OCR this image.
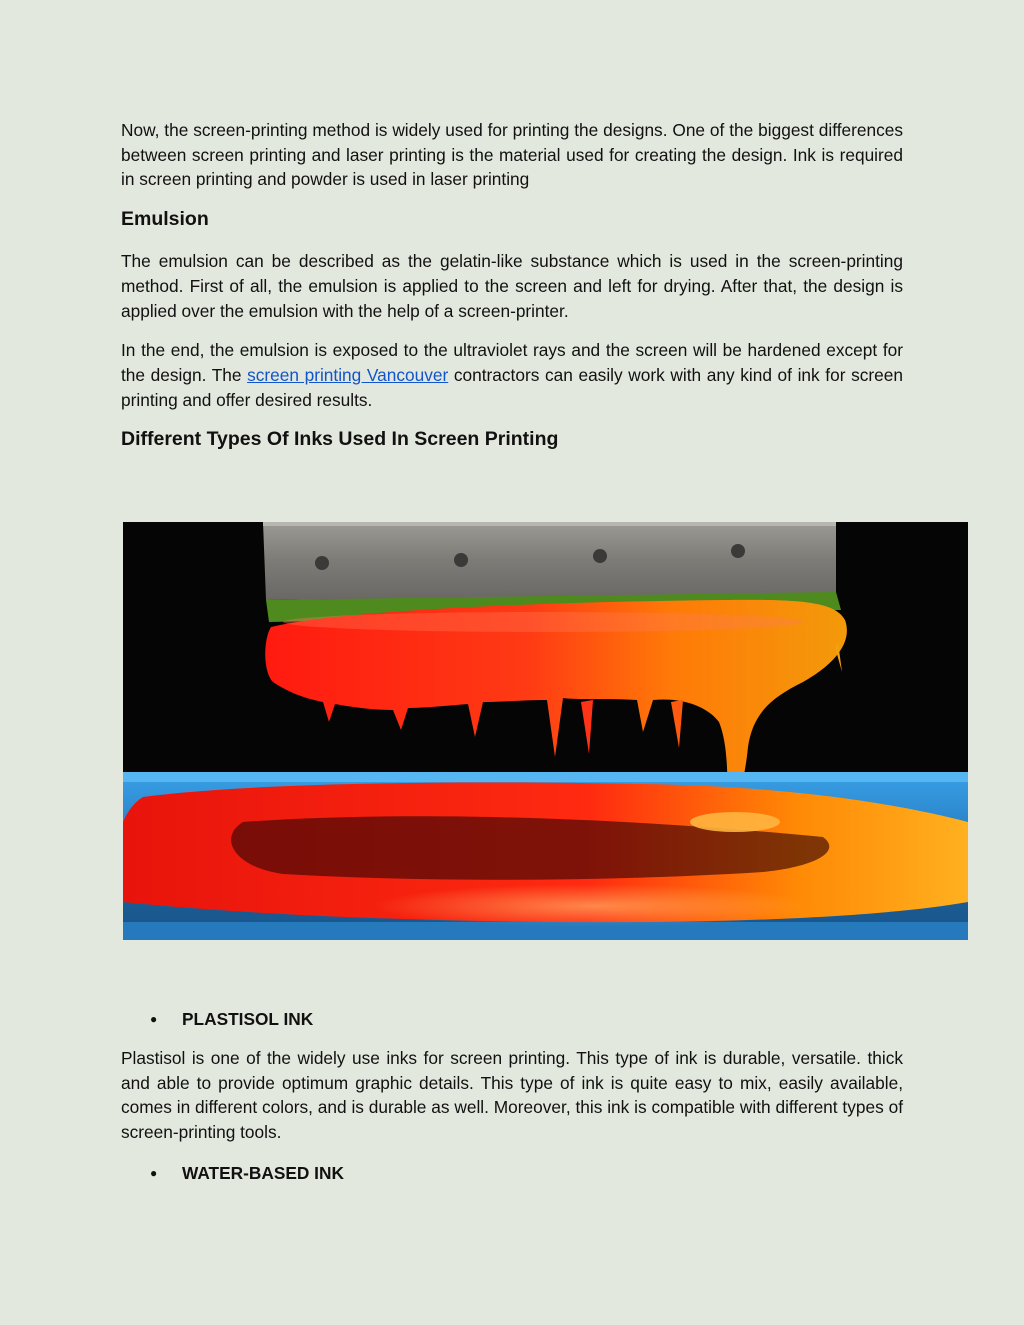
Now, the screen-printing method is widely used for printing the designs. One of the biggest differences between screen printing and laser printing is the material used for creating the design. Ink is required in screen printing and powder is used in laser printing

Emulsion

The emulsion can be described as the gelatin-like substance which is used in the screen-printing method. First of all, the emulsion is applied to the screen and left for drying. After that, the design is applied over the emulsion with the help of a screen-printer.

In the end, the emulsion is exposed to the ultraviolet rays and the screen will be hardened except for the design. The screen printing Vancouver contractors can easily work with any kind of ink for screen printing and offer desired results.

Different Types Of Inks Used In Screen Printing
● PLASTISOL INK

Plastisol is one of the widely use inks for screen printing. This type of ink is durable, versatile. thick and able to provide optimum graphic details. This type of ink is quite easy to mix, easily available, comes in different colors, and is durable as well. Moreover, this ink is compatible with different types of screen-printing tools.

● WATER-BASED INK
